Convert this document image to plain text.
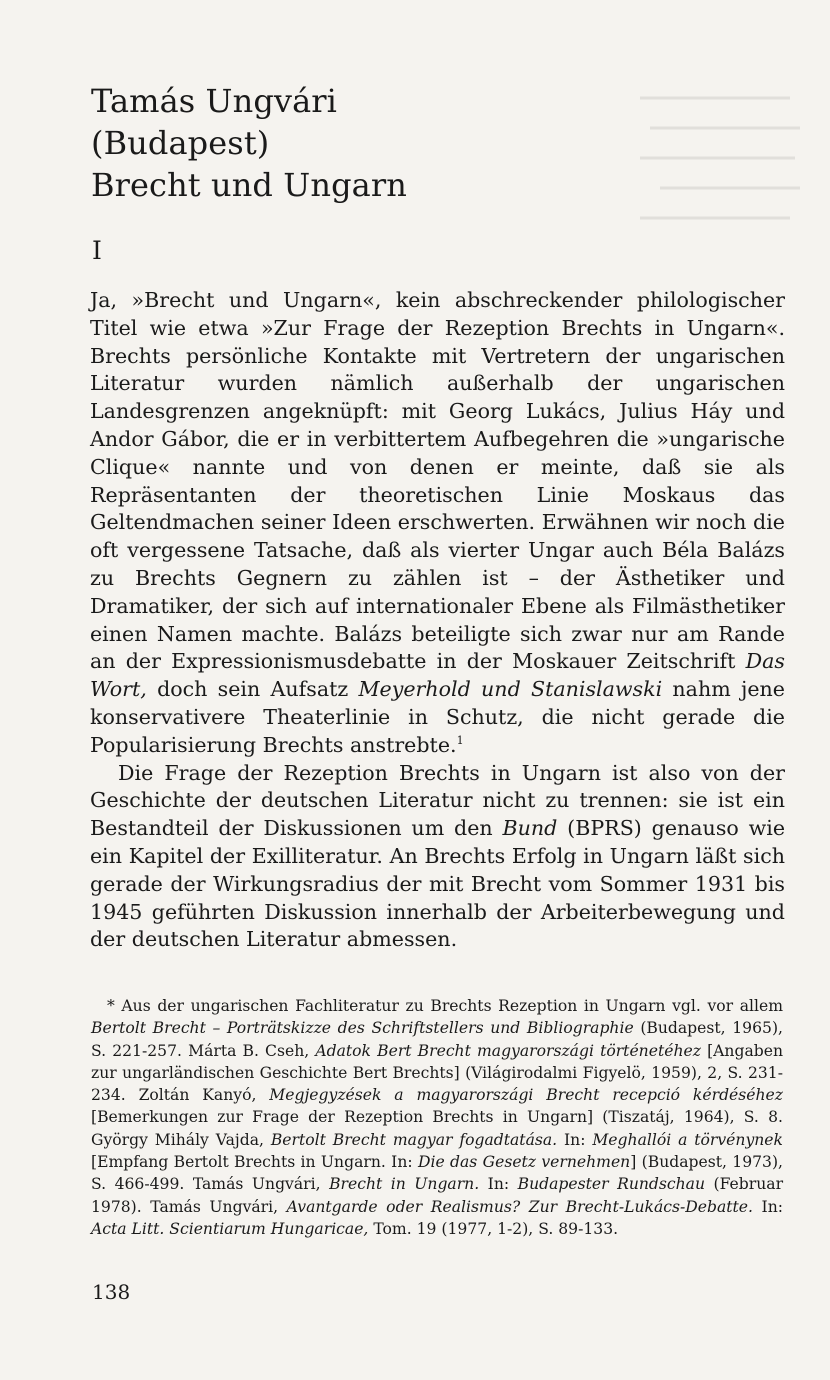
Tamás Ungvári (Budapest)
Brecht und Ungarn
I

Ja, »Brecht und Ungarn«, kein abschreckender philologischer Titel wie etwa »Zur Frage der Rezeption Brechts in Ungarn«. Brechts persönliche Kontakte mit Vertretern der ungarischen Literatur wurden nämlich außerhalb der ungarischen Landesgrenzen angeknüpft: mit Georg Lukács, Julius Háy und Andor Gábor, die er in verbittertem Aufbegehren die »ungarische Clique« nannte und von denen er meinte, daß sie als Repräsentanten der theoretischen Linie Moskaus das Geltendmachen seiner Ideen erschwerten. Erwähnen wir noch die oft vergessene Tatsache, daß als vierter Ungar auch Béla Balázs zu Brechts Gegnern zu zählen ist – der Ästhetiker und Dramatiker, der sich auf internationaler Ebene als Filmästhetiker einen Namen machte. Balázs beteiligte sich zwar nur am Rande an der Expressionismusdebatte in der Moskauer Zeitschrift Das Wort, doch sein Aufsatz Meyerhold und Stanislawski nahm jene konservativere Theaterlinie in Schutz, die nicht gerade die Popularisierung Brechts anstrebte.$^1$

Die Frage der Rezeption Brechts in Ungarn ist also von der Geschichte der deutschen Literatur nicht zu trennen: sie ist ein Bestandteil der Diskussionen um den Bund (BPRS) genauso wie ein Kapitel der Exilliteratur. An Brechts Erfolg in Ungarn läßt sich gerade der Wirkungsradius der mit Brecht vom Sommer 1931 bis 1945 geführten Diskussion innerhalb der Arbeiterbewegung und der deutschen Literatur abmessen.

* Aus der ungarischen Fachliteratur zu Brechts Rezeption in Ungarn vgl. vor allem Bertolt Brecht – Porträtskizze des Schriftstellers und Bibliographie (Budapest, 1965), S. 221-257. Márta B. Cseh, Adatok Bert Brecht magyarországi történetéhez [Angaben zur ungarländischen Geschichte Bert Brechts] (Világirodalmi Figyelö, 1959), 2, S. 231-234. Zoltán Kanyó, Megjegyzések a magyarországi Brecht recepció kérdéséhez [Bemerkungen zur Frage der Rezeption Brechts in Ungarn] (Tiszatáj, 1964), S. 8. György Mihály Vajda, Bertolt Brecht magyar fogadtatása. In: Meghallói a törvénynek [Empfang Bertolt Brechts in Ungarn. In: Die das Gesetz vernehmen] (Budapest, 1973), S. 466-499. Tamás Ungvári, Brecht in Ungarn. In: Budapester Rundschau (Februar 1978). Tamás Ungvári, Avantgarde oder Realismus? Zur Brecht-Lukács-Debatte. In: Acta Litt. Scientiarum Hungaricae, Tom. 19 (1977, 1-2), S. 89-133.

138
